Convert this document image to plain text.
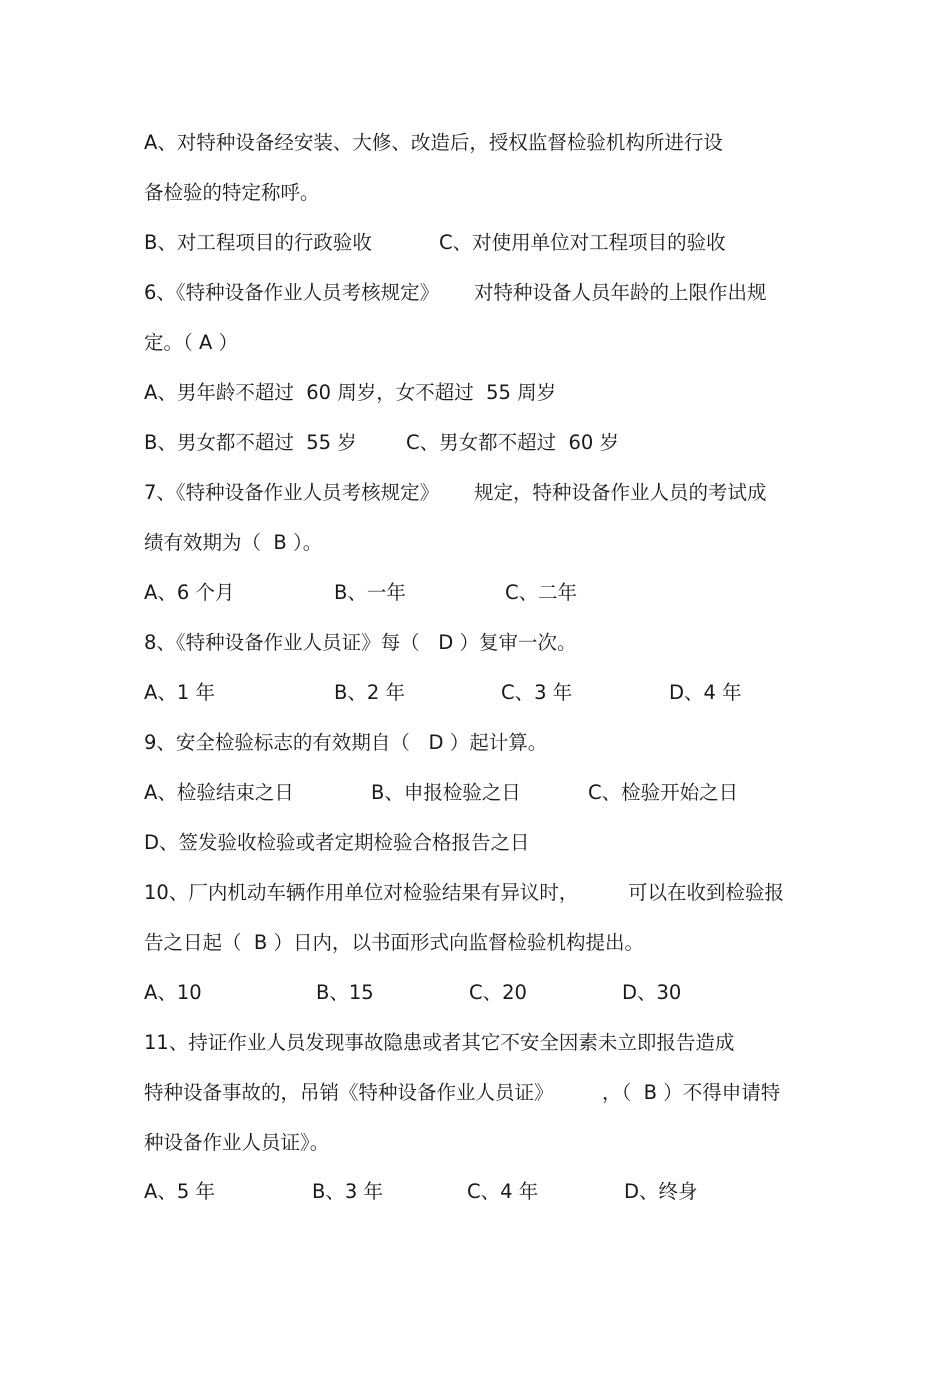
A、对特种设备经安装、大修、改造后，授权监督检验机构所进行设
备检验的特定称呼。

B、对工程项目的行政验收

	C、对使用单位对工程项目的验收

6、《特种设备作业人员考核规定》

对特种设备人员年龄的上限作出规

定。（ A ）
A、男年龄不超过  60 周岁，女不超过  55 周岁

B、男女都不超过  55 岁

	C、男女都不超过  60 岁

7、《特种设备作业人员考核规定》

规定，特种设备作业人员的考试成

绩有效期为（  B ）。

A、6 个月

	B、一年

	C、二年

8、《特种设备作业人员证》每（   D ）复审一次。

A、1 年

	B、2 年

	C、3 年

	D、4 年

9、安全检验标志的有效期自（   D ）起计算。

A、检验结束之日

	B、申报检验之日

	C、检验开始之日

D、签发验收检验或者定期检验合格报告之日

10、厂内机动车辆作用单位对检验结果有异议时，

	可以在收到检验报

告之日起（  B ）日内，以书面形式向监督检验机构提出。

A、10

	B、15

	C、20

	D、30

11、持证作业人员发现事故隐患或者其它不安全因素未立即报告造成

特种设备事故的，吊销《特种设备作业人员证》

，（  B ）不得申请特

种设备作业人员证》。

A、5 年

	B、3 年

	C、4 年

	D、终身
